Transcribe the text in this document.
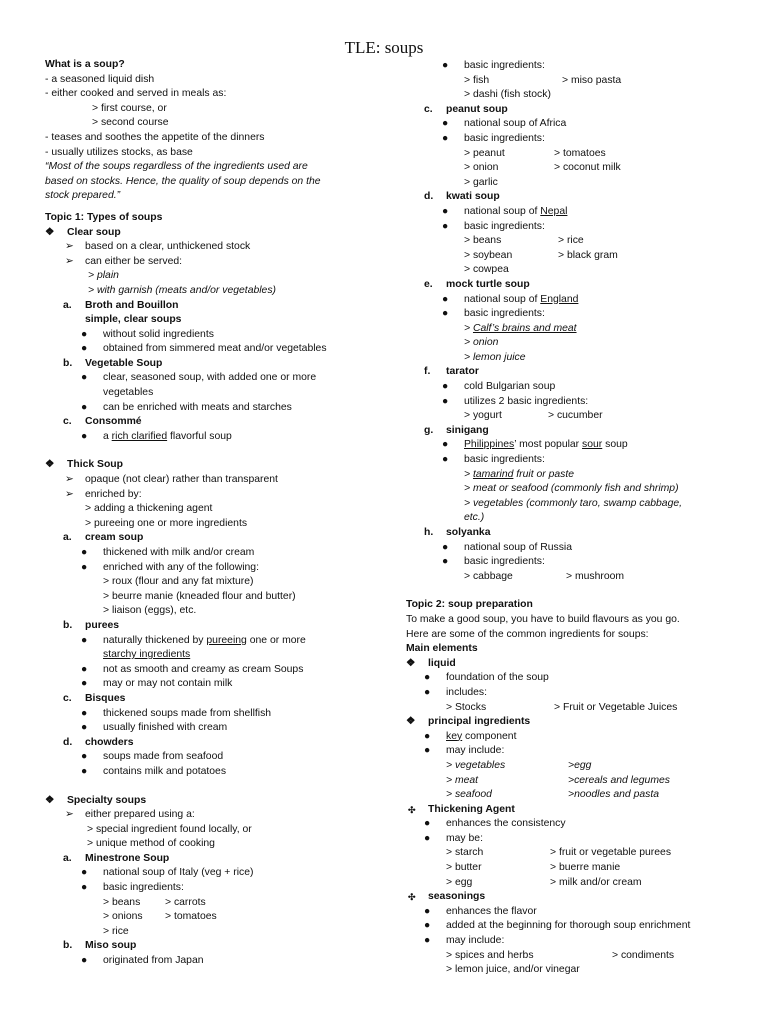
TLE: soups
What is a soup?
- a seasoned liquid dish
- either cooked and served in meals as:
> first course, or
> second course
- teases and soothes the appetite of the dinners
- usually utilizes stocks, as base
“Most of the soups regardless of the ingredients used are
based on stocks. Hence, the quality of soup depends on the
stock prepared.”
Topic 1: Types of soups
❖ Clear soup
➢ based on a clear, unthickened stock
➢ can either be served:
> plain
> with garnish (meats and/or vegetables)
a. Broth and Bouillon
simple, clear soups
● without solid ingredients
● obtained from simmered meat and/or vegetables
b. Vegetable Soup
● clear, seasoned soup, with added one or more
vegetables
● can be enriched with meats and starches
c. Consommé
● a rich clarified flavorful soup
❖ Thick Soup
➢ opaque (not clear) rather than transparent
➢ enriched by:
> adding a thickening agent
> pureeing one or more ingredients
a. cream soup
● thickened with milk and/or cream
● enriched with any of the following:
> roux (flour and any fat mixture)
> beurre manie (kneaded flour and butter)
> liaison (eggs), etc.
b. purees
● naturally thickened by pureeing one or more
starchy ingredients
● not as smooth and creamy as cream Soups
● may or may not contain milk
c. Bisques
● thickened soups made from shellfish
● usually finished with cream
d. chowders
● soups made from seafood
● contains milk and potatoes
❖ Specialty soups
➢ either prepared using a:
> special ingredient found locally, or
> unique method of cooking
a. Minestrone Soup
● national soup of Italy (veg + rice)
● basic ingredients:
> beans > carrots
> onions > tomatoes
> rice
b. Miso soup
● originated from Japan
● basic ingredients:
> fish	> miso pasta
> dashi (fish stock)
c. peanut soup
● national soup of Africa
● basic ingredients:
> peanut	> tomatoes
> onion	> coconut milk
> garlic
d. kwati soup
● national soup of Nepal
● basic ingredients:
> beans	> rice
> soybean	> black gram
> cowpea
e. mock turtle soup
● national soup of England
● basic ingredients:
> Calf’s brains and meat
> onion
> lemon juice
f. tarator
● cold Bulgarian soup
● utilizes 2 basic ingredients:
> yogurt	> cucumber
g. sinigang
● Philippines’ most popular sour soup
● basic ingredients:
> tamarind fruit or paste
> meat or seafood (commonly fish and shrimp)
> vegetables (commonly taro, swamp cabbage,
etc.)
h. solyanka
● national soup of Russia
● basic ingredients:
> cabbage	> mushroom
Topic 2: soup preparation
To make a good soup, you have to build flavours as you go.
Here are some of the common ingredients for soups:
Main elements
❖ liquid
● foundation of the soup
● includes:
> Stocks	> Fruit or Vegetable Juices
❖ principal ingredients
● key component
● may include:
> vegetables	>egg
> meat	>cereals and legumes
> seafood	>noodles and pasta
✣ Thickening Agent
● enhances the consistency
● may be:
> starch	> fruit or vegetable purees
> butter	> buerre manie
> egg	> milk and/or cream
✣ seasonings
● enhances the flavor
● added at the beginning for thorough soup enrichment
● may include:
> spices and herbs	> condiments
> lemon juice, and/or vinegar
